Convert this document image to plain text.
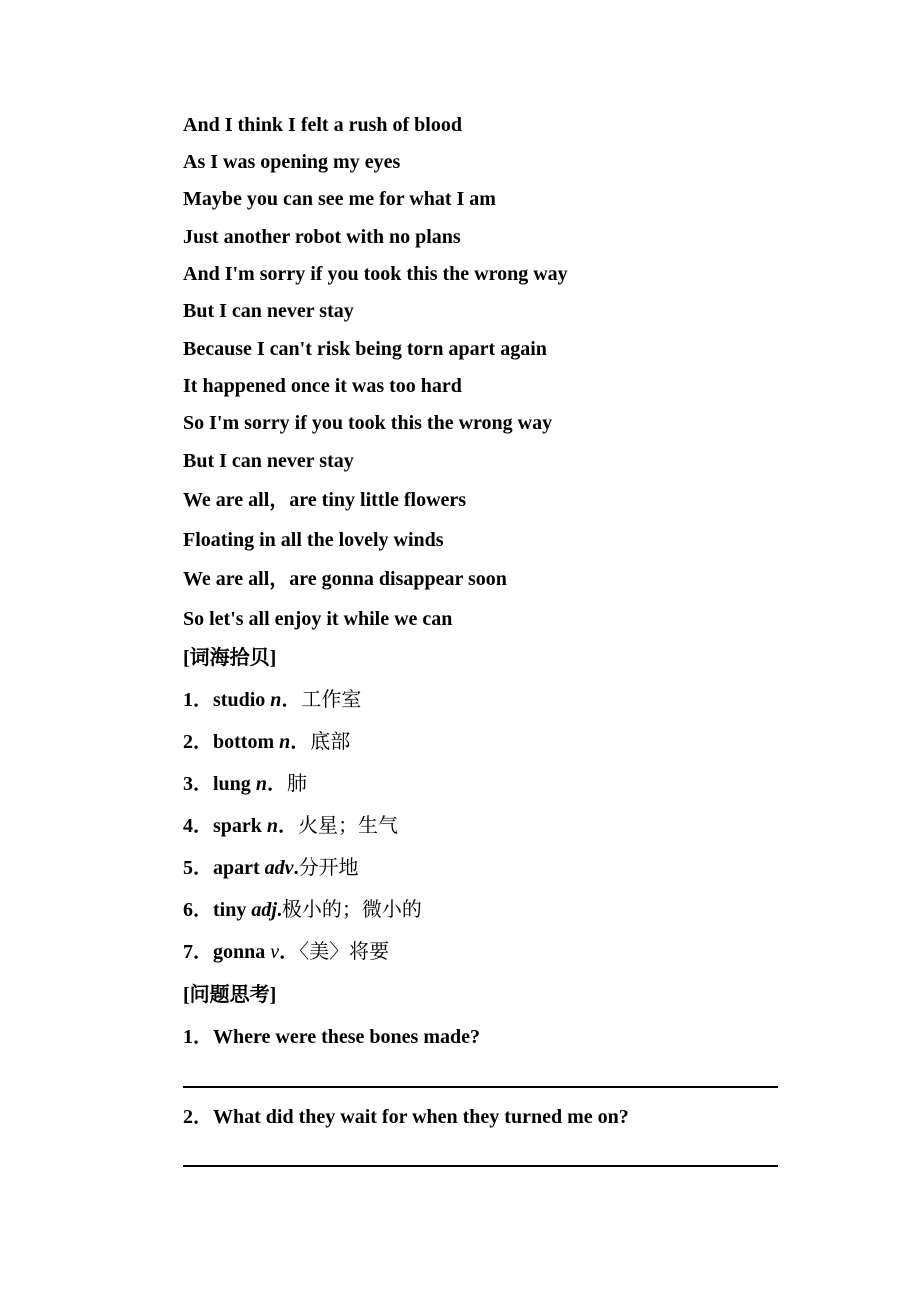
And I think I felt a rush of blood
As I was opening my eyes
Maybe you can see me for what I am
Just another robot with no plans
And I'm sorry if you took this the wrong way
But I can never stay
Because I can't risk being torn apart again
It happened once it was too hard
So I'm sorry if you took this the wrong way
But I can never stay
We are all，are tiny little flowers
Floating in all the lovely winds
We are all，are gonna disappear soon
So let's all enjoy it while we can
[词海拾贝]
1．studio n．工作室
2．bottom n．底部
3．lung n．肺
4．spark n．火星；生气
5．apart adv.分开地
6．tiny adj.极小的；微小的
7．gonna v．〈美〉将要
[问题思考]
1．Where were these bones made?
2．What did they wait for when they turned me on?
